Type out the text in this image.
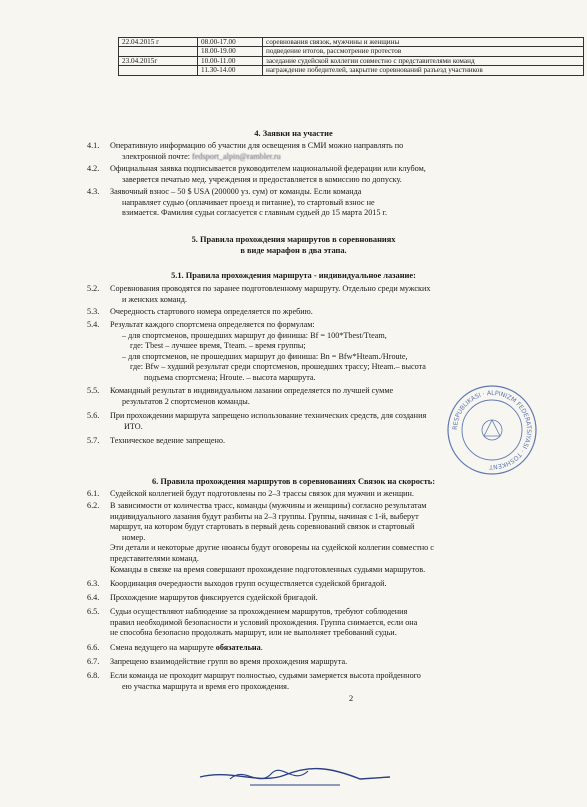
22.04.2015 г	08.00-17.00	соревнования связок, мужчины и женщины
	18.00-19.00	подведение итогов, рассмотрение протестов
23.04.2015г	10.00-11.00	заседание судейской коллегии совместно с представителями команд
	11.30-14.00	награждение победителей, закрытие соревнований разъезд участников

4. Заявки на участие

4.1.	Оперативную информацию об участии для освещения в СМИ можно направлять по
электронной почте: fedsport_alpin@rambler.ru
4.2.	Официальная заявка подписывается руководителем национальной федерации или клубом,
заверяется печатью мед. учреждения и предоставляется в комиссию по допуску.
4.3.	Заявочный взнос – 50 $ USA (200000 уз. сум) от команды. Если команда
направляет судью (оплачивает проезд и питание), то стартовый взнос не
взимается. Фамилия судьи согласуется с главным судьей до 15 марта 2015 г.

5. Правила прохождения маршрутов в соревнованиях

в виде марафон в два этапа.

5.1. Правила прохождения маршрута - индивидуальное лазание:

5.2.	Соревнования проводятся по заранее подготовленному маршруту. Отдельно среди мужских
и женских команд.
5.3.	Очередность стартового номера определяется по жребию.
5.4.	Результат каждого спортсмена определяется по формулам:
– для спортсменов, прошедших маршрут до финиша: Bf = 100*Tbest/Tteam,
где: Tbest – лучшее время, Tteam. – время группы;
– для спортсменов, не прошедших маршрут до финиша: Bn = Bfw*Hteam./Hroute,
где: Bfw – худший результат среди спортсменов, прошедших трассу; Hteam.– высота
подъема спортсмена; Hroute. – высота маршрута.
5.5.	Командный результат в индивидуальном лазании определяется по лучшей сумме
результатов 2 спортсменов команды.
5.6.	При прохождении маршрута запрещено использование технических средств, для создания
ИТО.
5.7.	Техническое ведение запрещено.

6. Правила прохождения маршрутов в соревнованиях Связок на скорость:

6.1.	Судейской коллегией будут подготовлены по 2–3 трассы связок для мужчин и женщин.
6.2.	В зависимости от количества трасс, команды (мужчины и женщины) согласно результатам
индивидуального лазания будут разбиты на 2–3 группы. Группы, начиная с 1-й, выберут
маршрут, на котором будут стартовать в первый день соревнований связок и стартовый
номер.
Эти детали и некоторые другие нюансы будут оговорены на судейской коллегии совместно с
представителями команд.
Команды в связке на время совершают прохождение подготовленных судьями маршрутов.
6.3.	Координация очередности выходов групп осуществляется судейской бригадой.
6.4.	Прохождение маршрутов фиксируется судейской бригадой.
6.5.	Судьи осуществляют наблюдение за прохождением маршрутов, требуют соблюдения
правил необходимой безопасности и условий прохождения. Группа снимается, если она
не способна безопасно продолжать маршрут, или не выполняет требований судьи.
6.6.	Смена ведущего на маршруте обязательна.
6.7.	Запрещено взаимодействие групп во время прохождения маршрута.
6.8.	Если команда не проходит маршрут полностью, судьями замеряется высота пройденного
ею участка маршрута и время его прохождения.
2
RESPUBLIKASI · ALPINIZM FEDERATSIYASI · TOSHKENT
